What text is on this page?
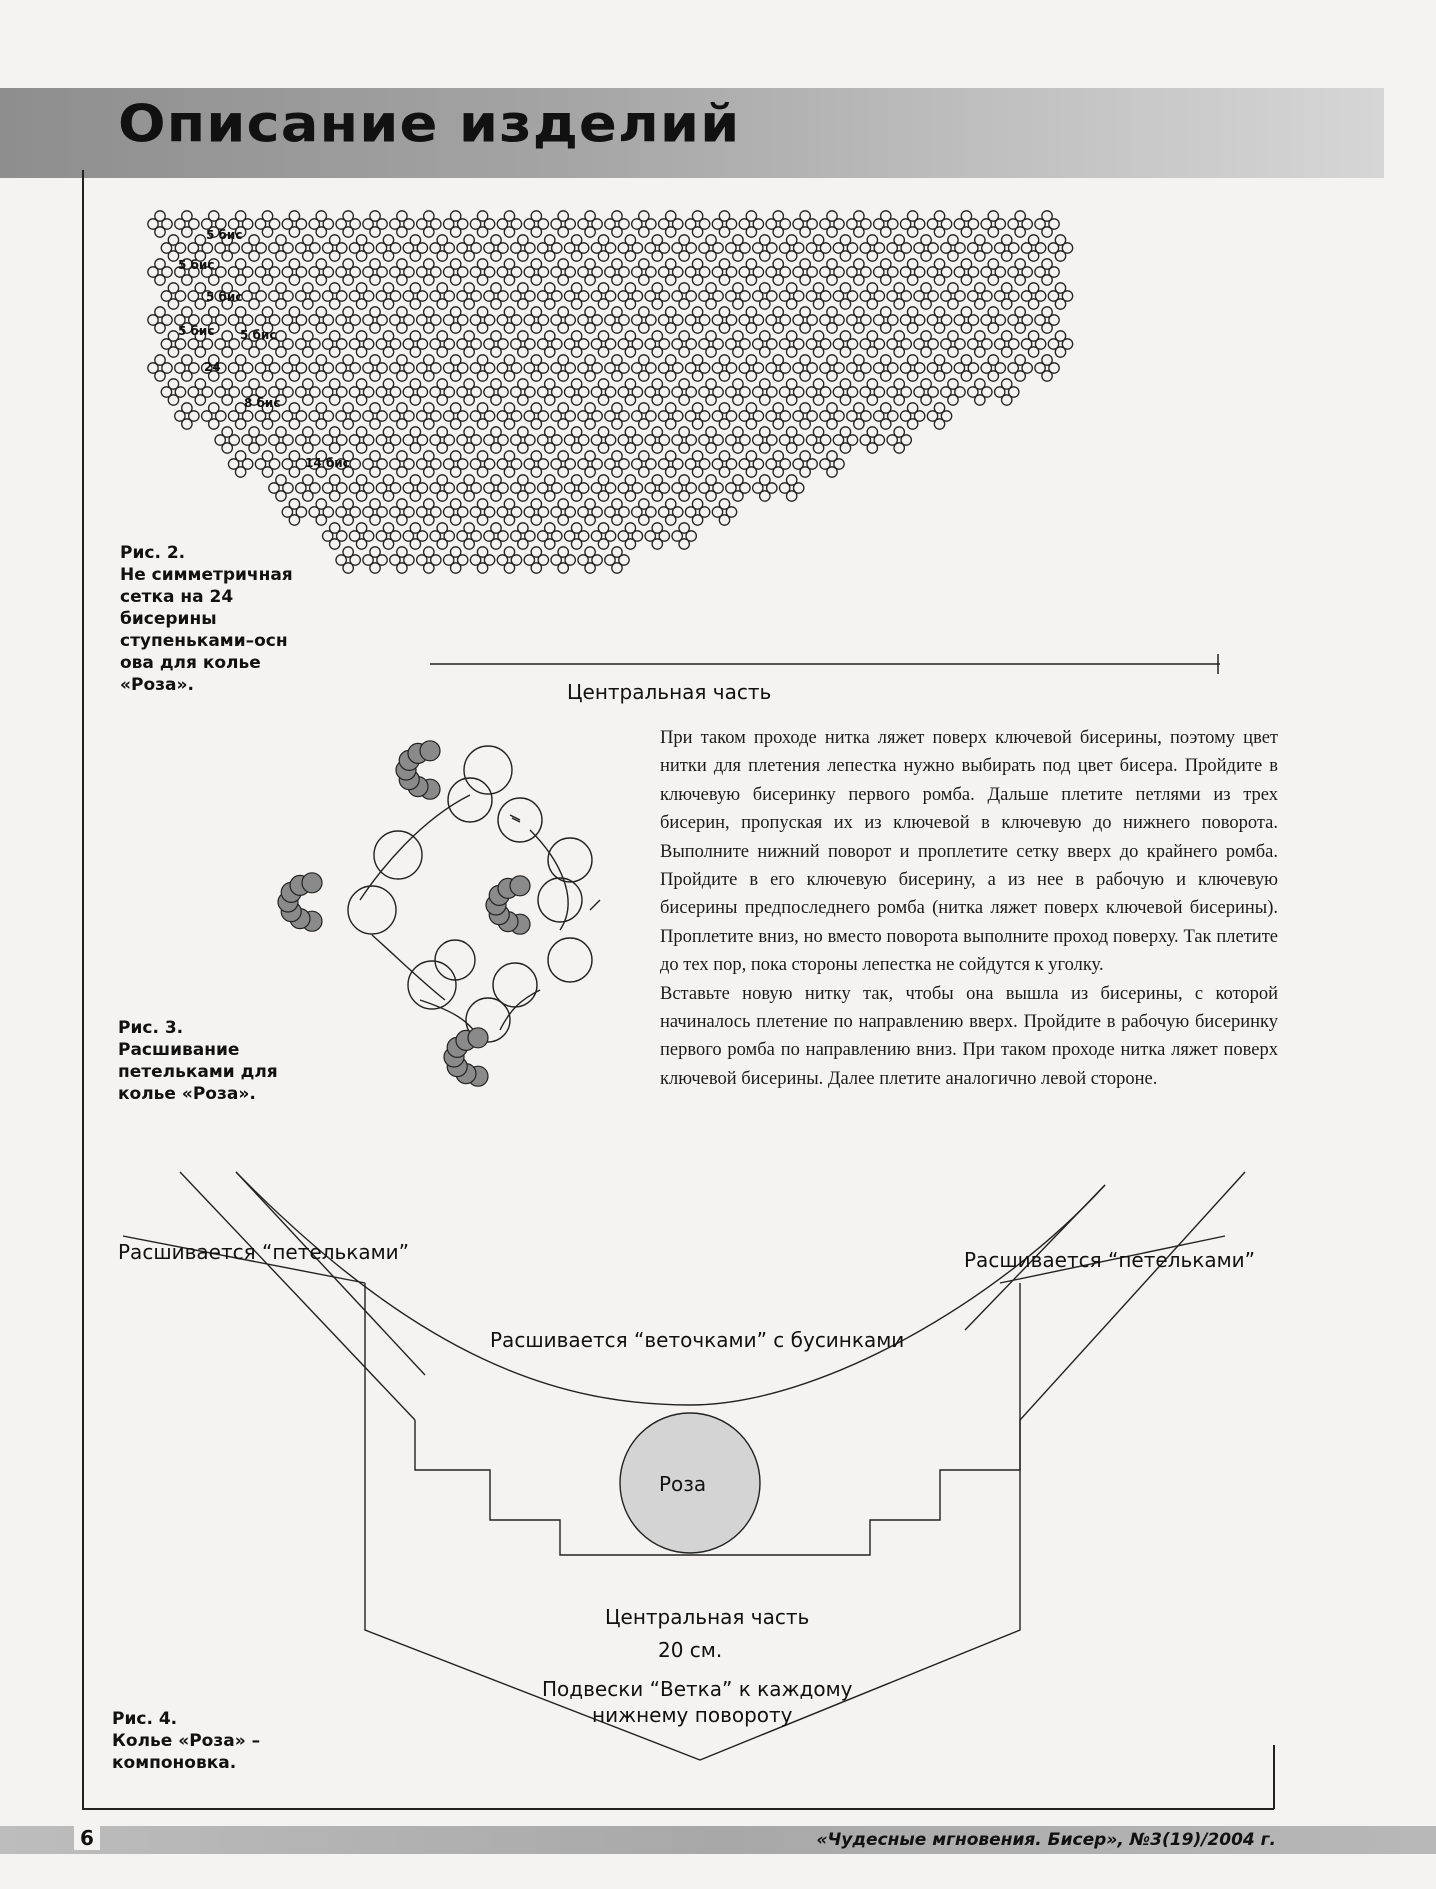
Описание изделий
5 бис
5 бис
5 бис
5 бис 5 бис
24
8 бис
14 бис
Рис. 2.
Не симметричная
сетка на 24
бисерины
ступеньками–осн
ова для колье
«Роза».	Центральная часть
Рис. 3.
Расшивание
петельками для
колье «Роза».

При таком проходе нитка ляжет поверх ключевой бисерины, поэтому цвет нитки для плетения лепестка нужно выбирать под цвет бисера. Пройдите в ключевую бисеринку первого ромба. Дальше плетите петлями из трех бисерин, пропуская их из ключевой в ключевую до нижнего поворота. Выполните нижний поворот и проплетите сетку вверх до крайнего ромба. Пройдите в его ключевую бисерину, а из нее в рабочую и ключевую бисерины предпоследнего ромба (нитка ляжет поверх ключевой бисерины). Проплетите вниз, но вместо поворота выполните проход поверху. Так плетите до тех пор, пока стороны лепестка не сойдутся к уголку.

Вставьте новую нитку так, чтобы она вышла из бисерины, с которой начиналось плетение по направлению вверх. Пройдите в рабочую бисеринку первого ромба по направлению вниз. При таком проходе нитка ляжет поверх ключевой бисерины. Далее плетите аналогично левой стороне.

Расшивается “петельками”	Расшивается “петельками”
Расшивается “веточками” с бусинками
Роза
Центральная часть
20 см.
Подвески “Ветка” к каждому
нижнему повороту
Рис. 4.
Колье «Роза» –
компоновка.
6	«Чудесные мгновения. Бисер», №3(19)/2004 г.
